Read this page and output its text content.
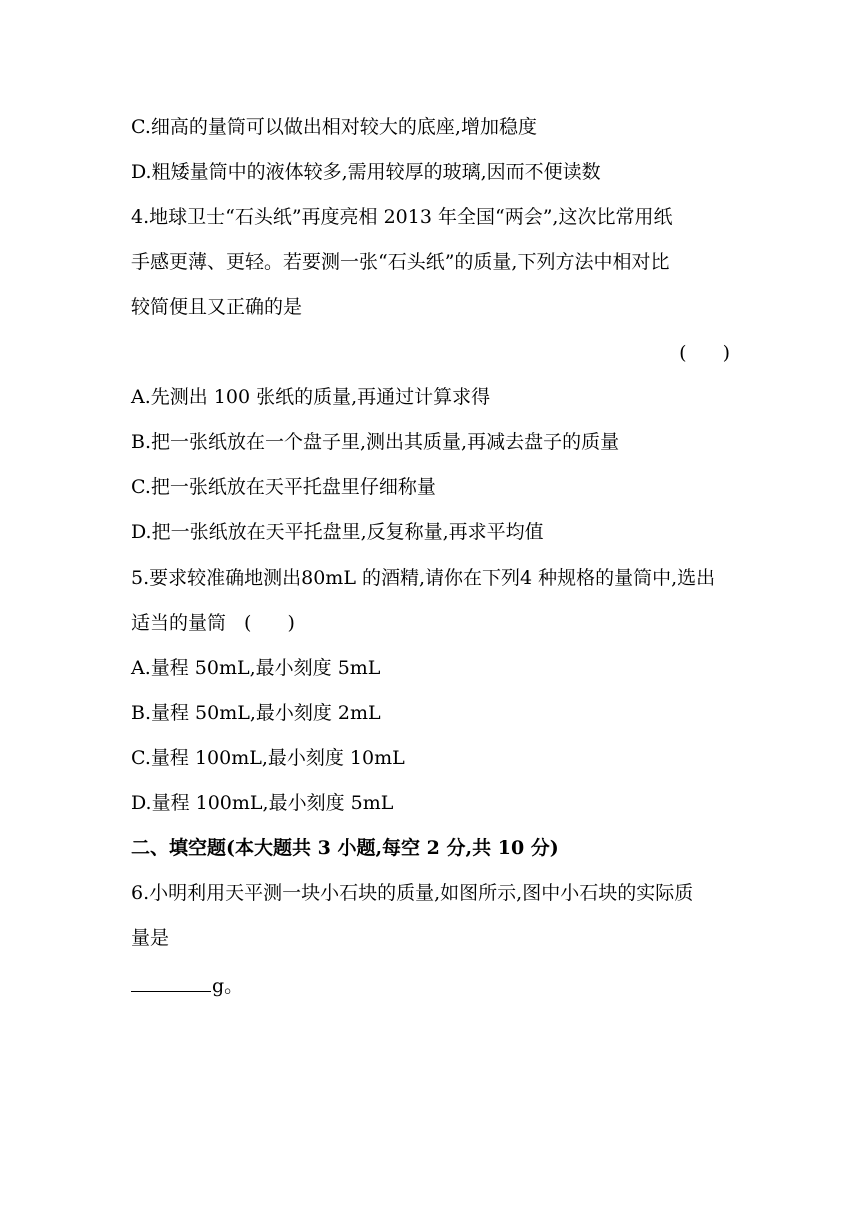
C.细高的量筒可以做出相对较大的底座,增加稳度
D.粗矮量筒中的液体较多,需用较厚的玻璃,因而不便读数
4.地球卫士“石头纸”再度亮相 2013 年全国“两会”,这次比常用纸
手感更薄、更轻。若要测一张“石头纸”的质量,下列方法中相对比
较简便且又正确的是
( )
A.先测出 100 张纸的质量,再通过计算求得
B.把一张纸放在一个盘子里,测出其质量,再减去盘子的质量
C.把一张纸放在天平托盘里仔细称量
D.把一张纸放在天平托盘里,反复称量,再求平均值
5.要求较准确地测出80mL 的酒精,请你在下列4 种规格的量筒中,选出
适当的量筒 ( )
A.量程 50mL,最小刻度 5mL
B.量程 50mL,最小刻度 2mL
C.量程 100mL,最小刻度 10mL
D.量程 100mL,最小刻度 5mL
二、填空题(本大题共 3 小题,每空 2 分,共 10 分)
6.小明利用天平测一块小石块的质量,如图所示,图中小石块的实际质
量是
g。
